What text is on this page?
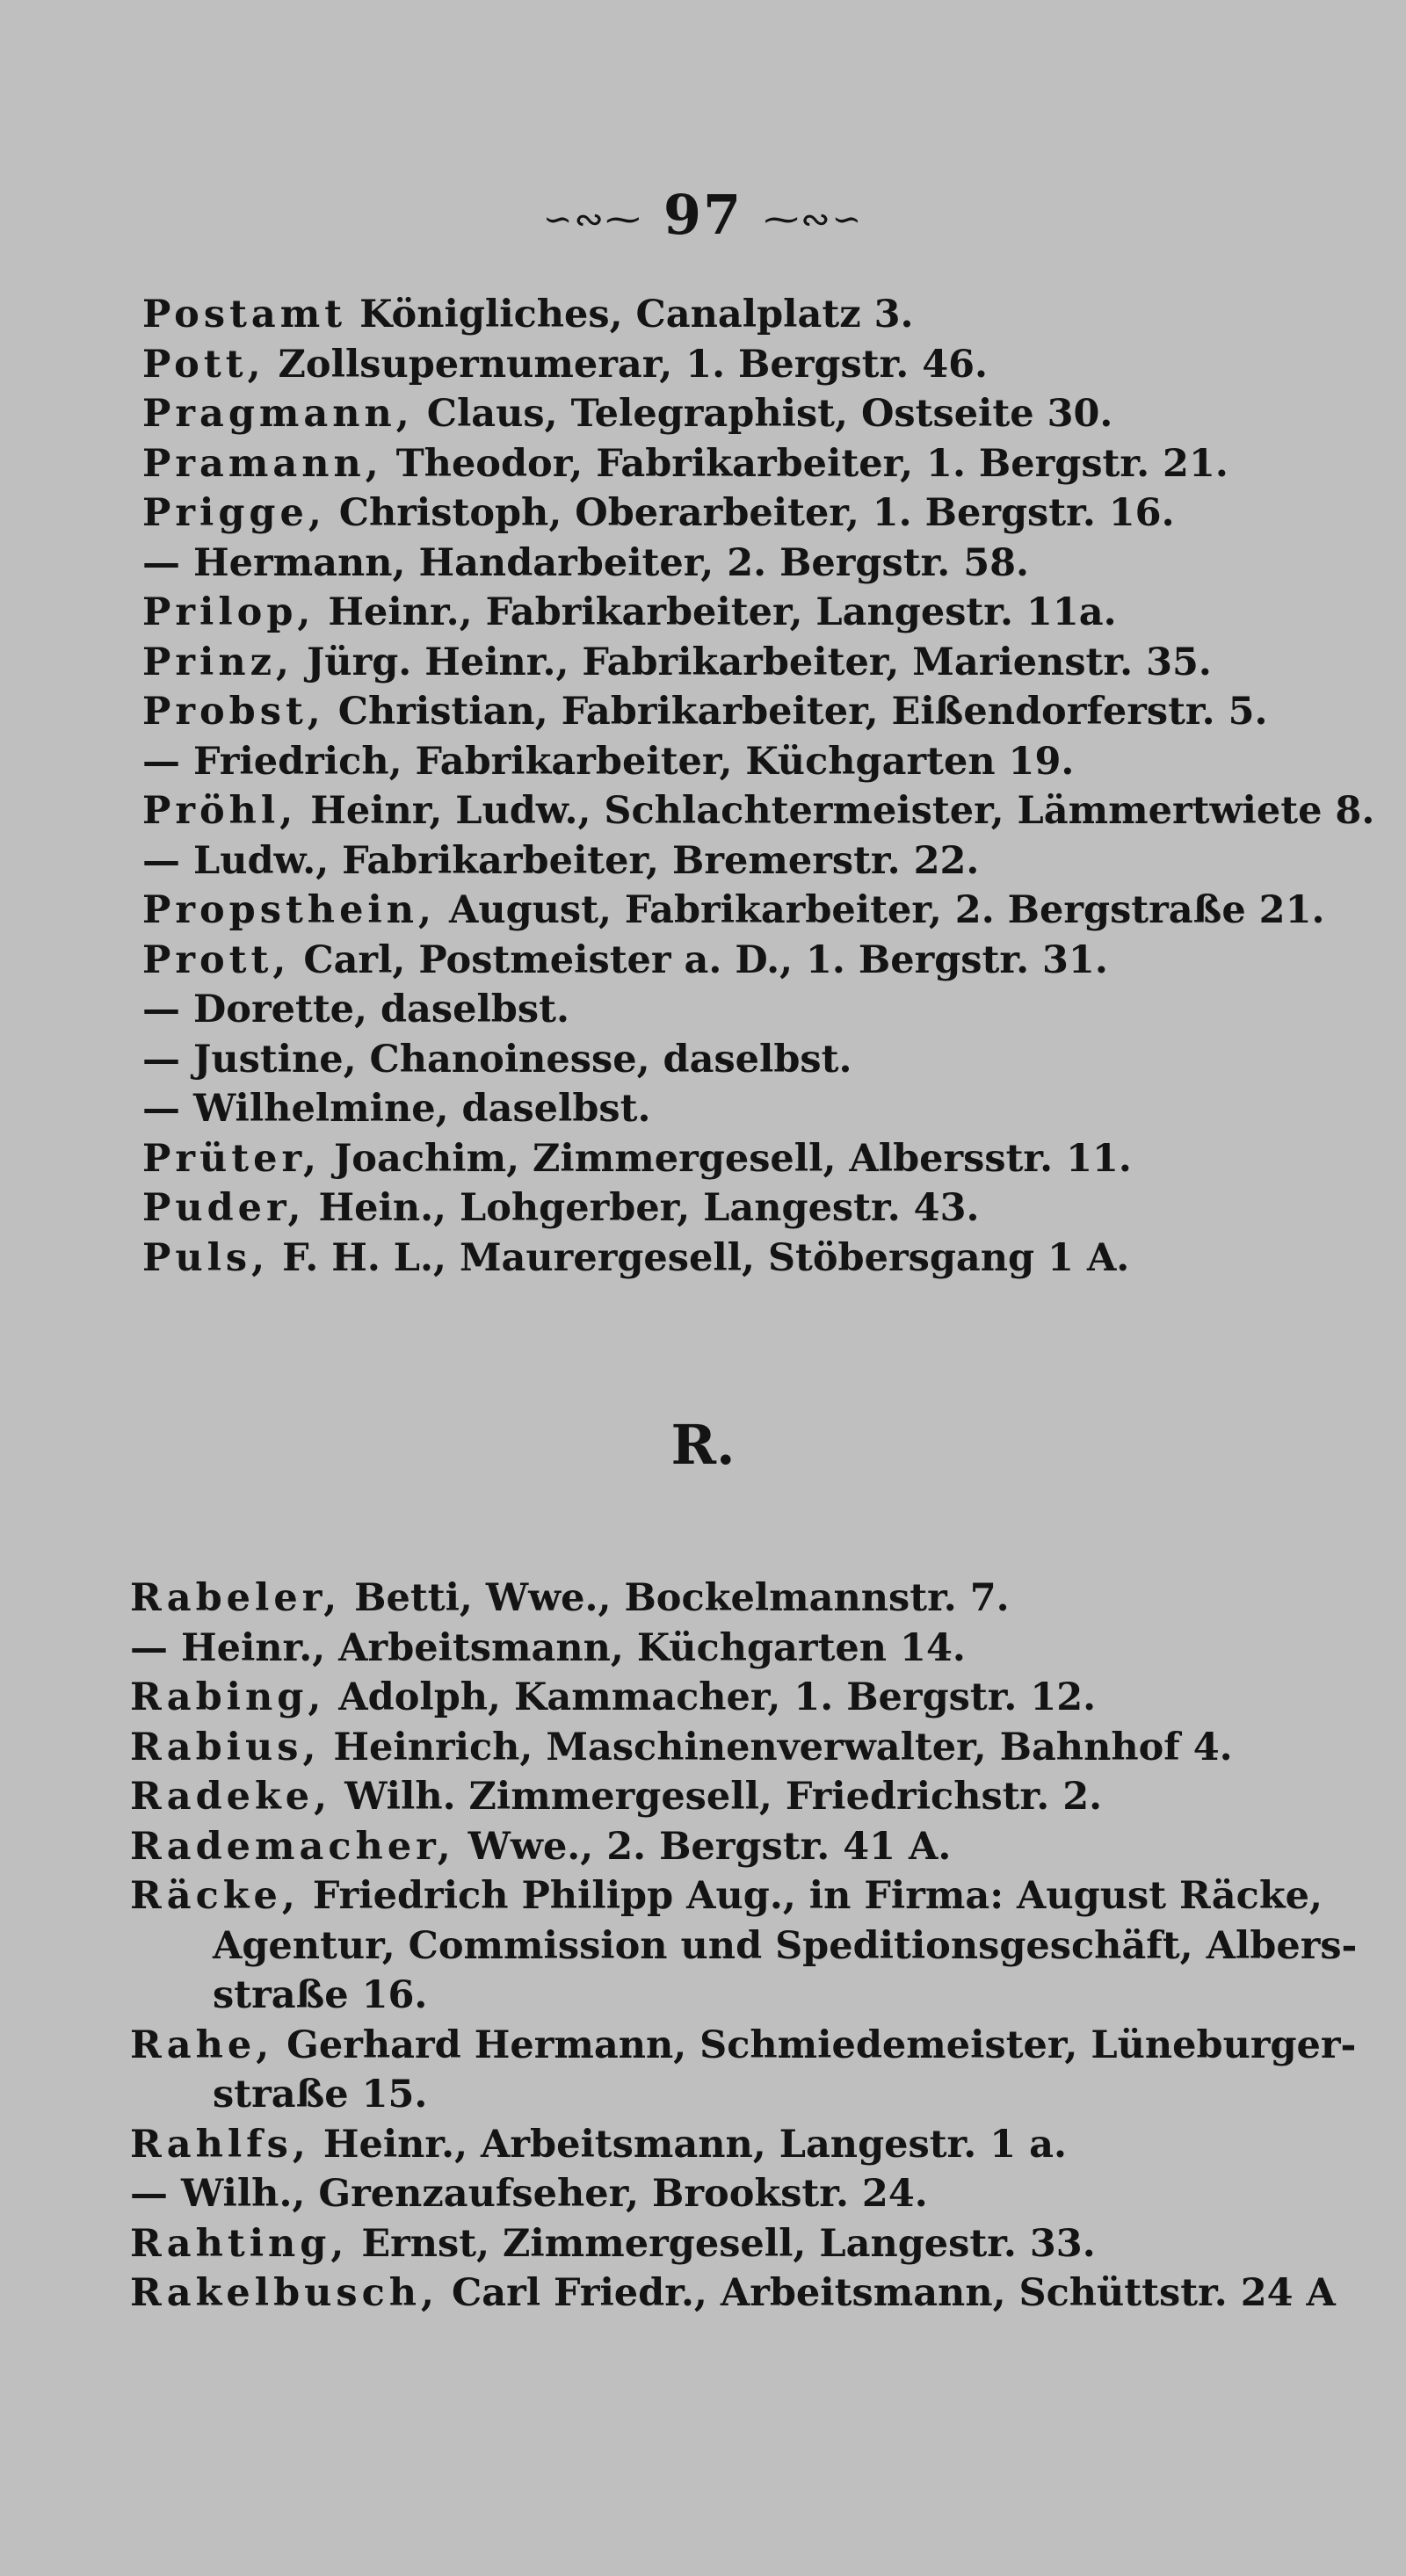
∽∾⁓ 97 ⁓∾∽
Postamt Königliches, Canalplatz 3.
Pott, Zollsupernumerar, 1. Bergstr. 46.
Pragmann, Claus, Telegraphist, Ostseite 30.
Pramann, Theodor, Fabrikarbeiter, 1. Bergstr. 21.
Prigge, Christoph, Oberarbeiter, 1. Bergstr. 16.
— Hermann, Handarbeiter, 2. Bergstr. 58.
Prilop, Heinr., Fabrikarbeiter, Langestr. 11a.
Prinz, Jürg. Heinr., Fabrikarbeiter, Marienstr. 35.
Probst, Christian, Fabrikarbeiter, Eißendorferstr. 5.
— Friedrich, Fabrikarbeiter, Küchgarten 19.
Pröhl, Heinr, Ludw., Schlachtermeister, Lämmertwiete 8.
— Ludw., Fabrikarbeiter, Bremerstr. 22.
Propsthein, August, Fabrikarbeiter, 2. Bergstraße 21.
Prott, Carl, Postmeister a. D., 1. Bergstr. 31.
— Dorette, daselbst.
— Justine, Chanoinesse, daselbst.
— Wilhelmine, daselbst.
Prüter, Joachim, Zimmergesell, Albersstr. 11.
Puder, Hein., Lohgerber, Langestr. 43.
Puls, F. H. L., Maurergesell, Stöbersgang 1 A.
R.
Rabeler, Betti, Wwe., Bockelmannstr. 7.
— Heinr., Arbeitsmann, Küchgarten 14.
Rabing, Adolph, Kammacher, 1. Bergstr. 12.
Rabius, Heinrich, Maschinenverwalter, Bahnhof 4.
Radeke, Wilh. Zimmergesell, Friedrichstr. 2.
Rademacher, Wwe., 2. Bergstr. 41 A.
Räcke, Friedrich Philipp Aug., in Firma: August Räcke,
Agentur, Commission und Speditionsgeschäft, Albers-
straße 16.
Rahe, Gerhard Hermann, Schmiedemeister, Lüneburger-
straße 15.
Rahlfs, Heinr., Arbeitsmann, Langestr. 1 a.
— Wilh., Grenzaufseher, Brookstr. 24.
Rahting, Ernst, Zimmergesell, Langestr. 33.
Rakelbusch, Carl Friedr., Arbeitsmann, Schüttstr. 24 A
